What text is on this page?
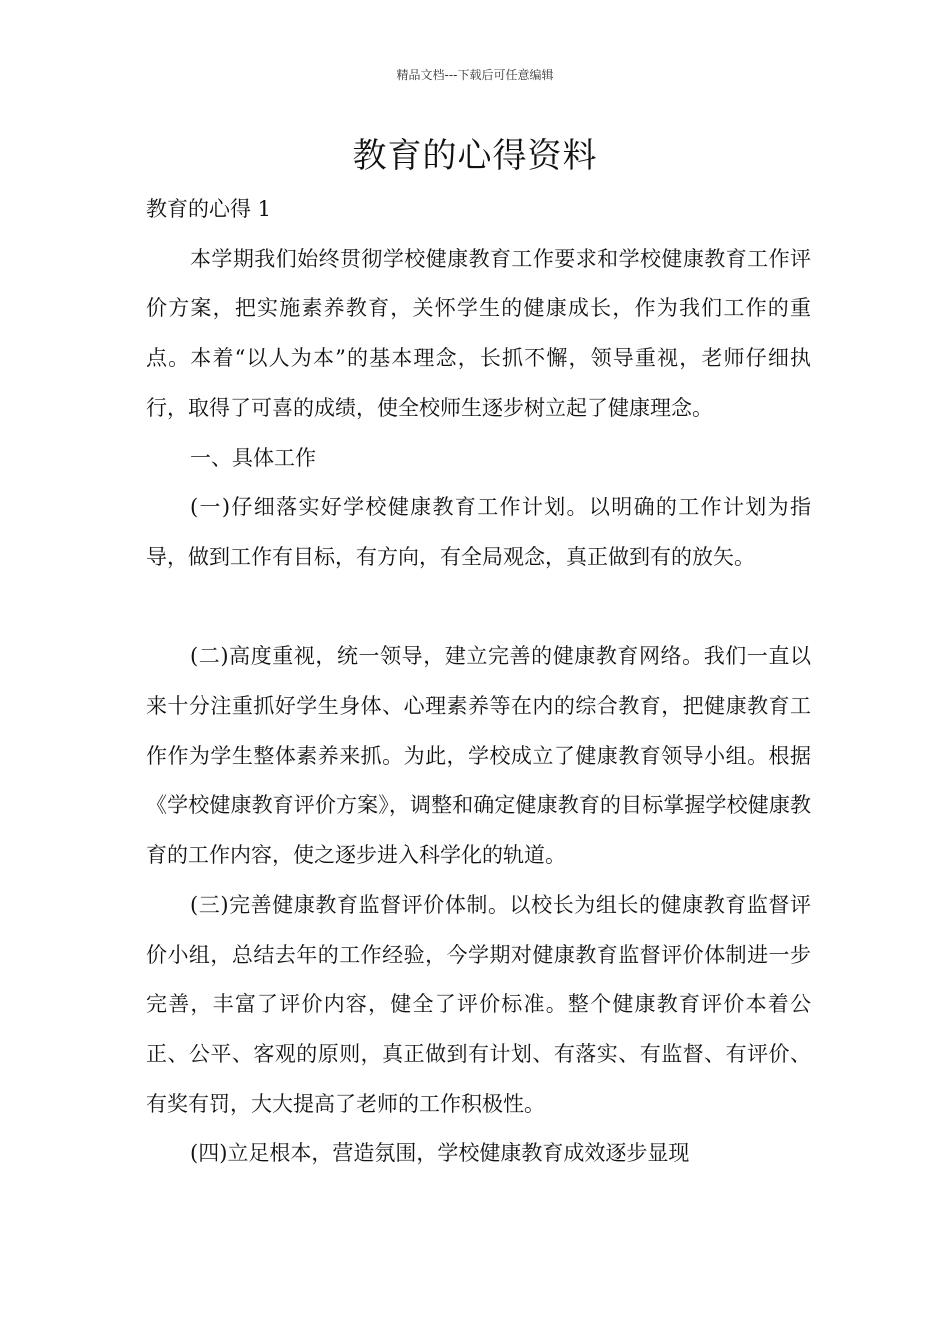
精品文档---下载后可任意编辑
教育的心得资料

教育的心得 1

本学期我们始终贯彻学校健康教育工作要求和学校健康教育工作评价方案，把实施素养教育，关怀学生的健康成长，作为我们工作的重点。本着“以人为本”的基本理念，长抓不懈，领导重视，老师仔细执行，取得了可喜的成绩，使全校师生逐步树立起了健康理念。

一、具体工作

(一)仔细落实好学校健康教育工作计划。以明确的工作计划为指导，做到工作有目标，有方向，有全局观念，真正做到有的放矢。

(二)高度重视，统一领导，建立完善的健康教育网络。我们一直以来十分注重抓好学生身体、心理素养等在内的综合教育，把健康教育工作作为学生整体素养来抓。为此，学校成立了健康教育领导小组。根据《学校健康教育评价方案》，调整和确定健康教育的目标掌握学校健康教育的工作内容，使之逐步进入科学化的轨道。

(三)完善健康教育监督评价体制。以校长为组长的健康教育监督评价小组，总结去年的工作经验，今学期对健康教育监督评价体制进一步完善，丰富了评价内容，健全了评价标准。整个健康教育评价本着公正、公平、客观的原则，真正做到有计划、有落实、有监督、有评价、有奖有罚，大大提高了老师的工作积极性。

(四)立足根本，营造氛围，学校健康教育成效逐步显现
